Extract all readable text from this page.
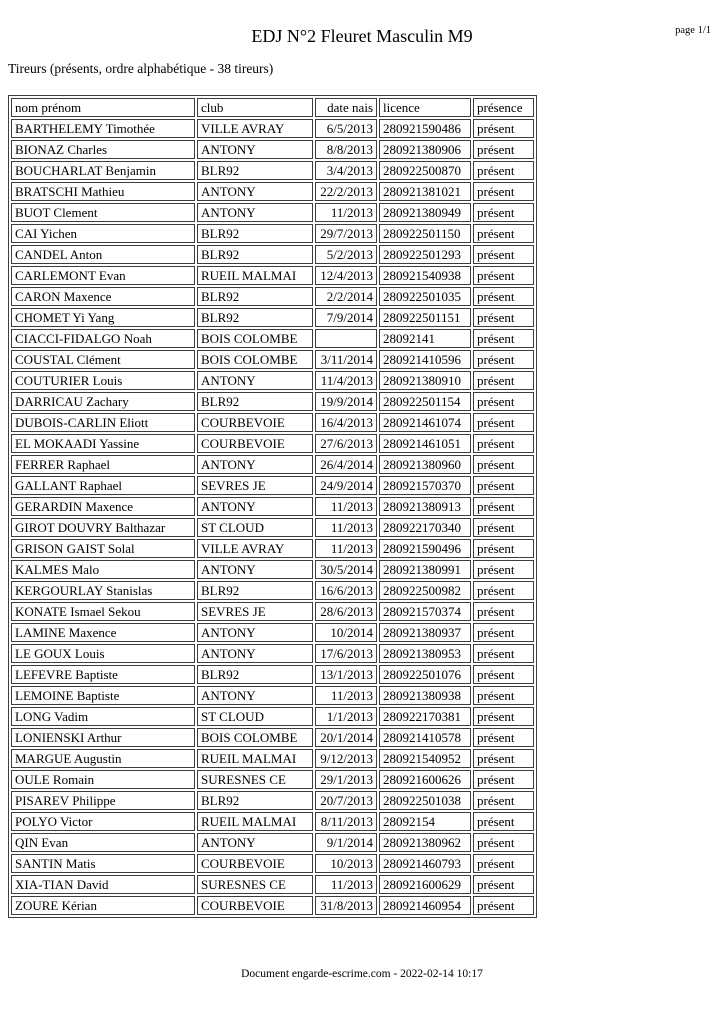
EDJ N°2 Fleuret Masculin M9	page 1/1
Tireurs (présents, ordre alphabétique - 38 tireurs)
nom prénom	club	date nais	licence	présence
BARTHELEMY Timothée	VILLE AVRAY	6/5/2013	280921590486	présent
BIONAZ Charles	ANTONY	8/8/2013	280921380906	présent
BOUCHARLAT Benjamin	BLR92	3/4/2013	280922500870	présent
BRATSCHI Mathieu	ANTONY	22/2/2013	280921381021	présent
BUOT Clement	ANTONY	11/2013	280921380949	présent
CAI Yichen	BLR92	29/7/2013	280922501150	présent
CANDEL Anton	BLR92	5/2/2013	280922501293	présent
CARLEMONT Evan	RUEIL MALMAI	12/4/2013	280921540938	présent
CARON Maxence	BLR92	2/2/2014	280922501035	présent
CHOMET Yi Yang	BLR92	7/9/2014	280922501151	présent
CIACCI-FIDALGO Noah	BOIS COLOMBE		28092141	présent
COUSTAL Clément	BOIS COLOMBE	3/11/2014	280921410596	présent
COUTURIER Louis	ANTONY	11/4/2013	280921380910	présent
DARRICAU Zachary	BLR92	19/9/2014	280922501154	présent
DUBOIS-CARLIN Eliott	COURBEVOIE	16/4/2013	280921461074	présent
EL MOKAADI Yassine	COURBEVOIE	27/6/2013	280921461051	présent
FERRER Raphael	ANTONY	26/4/2014	280921380960	présent
GALLANT Raphael	SEVRES JE	24/9/2014	280921570370	présent
GERARDIN Maxence	ANTONY	11/2013	280921380913	présent
GIROT DOUVRY Balthazar	ST CLOUD	11/2013	280922170340	présent
GRISON GAIST Solal	VILLE AVRAY	11/2013	280921590496	présent
KALMES Malo	ANTONY	30/5/2014	280921380991	présent
KERGOURLAY Stanislas	BLR92	16/6/2013	280922500982	présent
KONATE Ismael Sekou	SEVRES JE	28/6/2013	280921570374	présent
LAMINE Maxence	ANTONY	10/2014	280921380937	présent
LE GOUX Louis	ANTONY	17/6/2013	280921380953	présent
LEFEVRE Baptiste	BLR92	13/1/2013	280922501076	présent
LEMOINE Baptiste	ANTONY	11/2013	280921380938	présent
LONG Vadim	ST CLOUD	1/1/2013	280922170381	présent
LONIENSKI Arthur	BOIS COLOMBE	20/1/2014	280921410578	présent
MARGUE Augustin	RUEIL MALMAI	9/12/2013	280921540952	présent
OULE Romain	SURESNES CE	29/1/2013	280921600626	présent
PISAREV Philippe	BLR92	20/7/2013	280922501038	présent
POLYO Victor	RUEIL MALMAI	8/11/2013	28092154	présent
QIN Evan	ANTONY	9/1/2014	280921380962	présent
SANTIN Matis	COURBEVOIE	10/2013	280921460793	présent
XIA-TIAN David	SURESNES CE	11/2013	280921600629	présent
ZOURE Kérian	COURBEVOIE	31/8/2013	280921460954	présent
Document engarde-escrime.com - 2022-02-14 10:17
